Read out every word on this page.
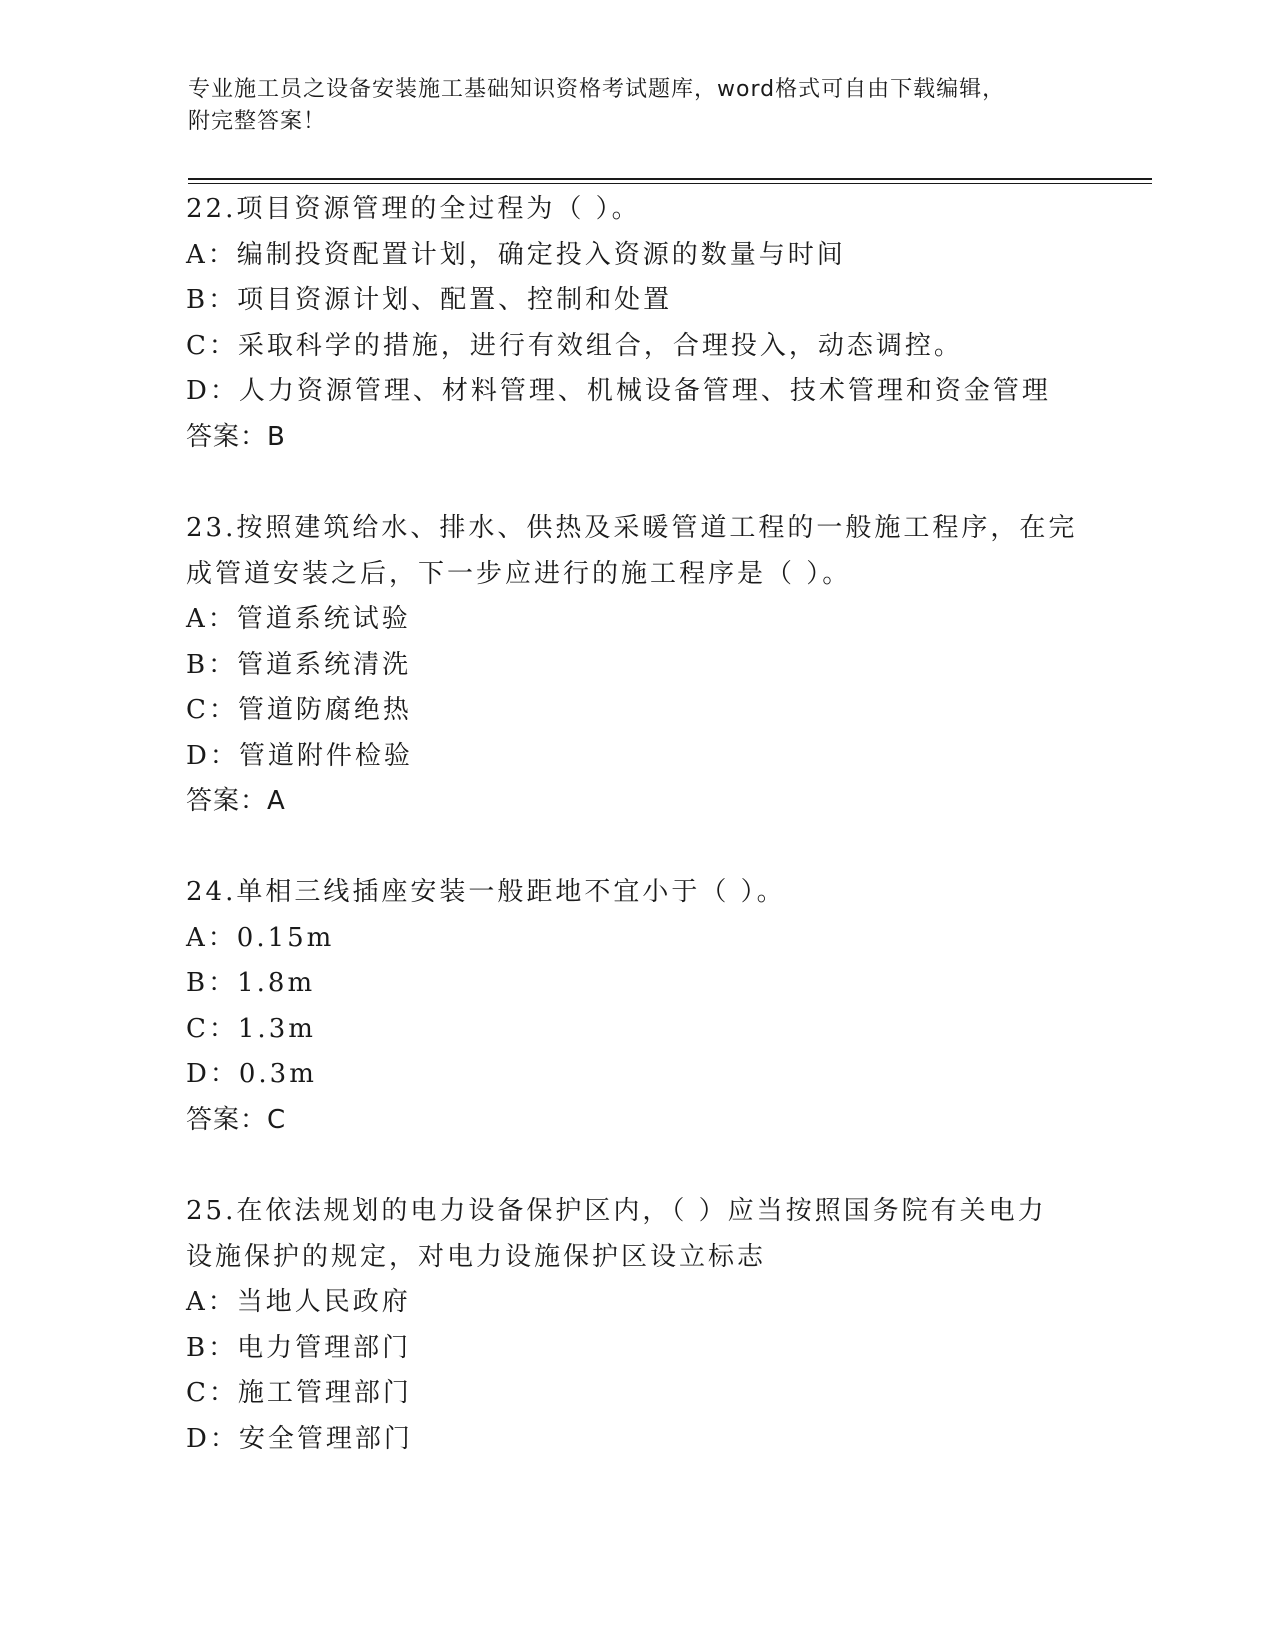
专业施工员之设备安装施工基础知识资格考试题库，word格式可自由下载编辑，
附完整答案！
22.项目资源管理的全过程为（ ）。
A：编制投资配置计划，确定投入资源的数量与时间
B：项目资源计划、配置、控制和处置
C：采取科学的措施，进行有效组合，合理投入，动态调控。
D：人力资源管理、材料管理、机械设备管理、技术管理和资金管理
答案：B
23.按照建筑给水、排水、供热及采暖管道工程的一般施工程序，在完
成管道安装之后，下一步应进行的施工程序是（ ）。
A：管道系统试验
B：管道系统清洗
C：管道防腐绝热
D：管道附件检验
答案：A
24.单相三线插座安装一般距地不宜小于（ ）。
A：0.15m
B：1.8m
C：1.3m
D：0.3m
答案：C
25.在依法规划的电力设备保护区内，（ ）应当按照国务院有关电力
设施保护的规定，对电力设施保护区设立标志
A：当地人民政府
B：电力管理部门
C：施工管理部门
D：安全管理部门
